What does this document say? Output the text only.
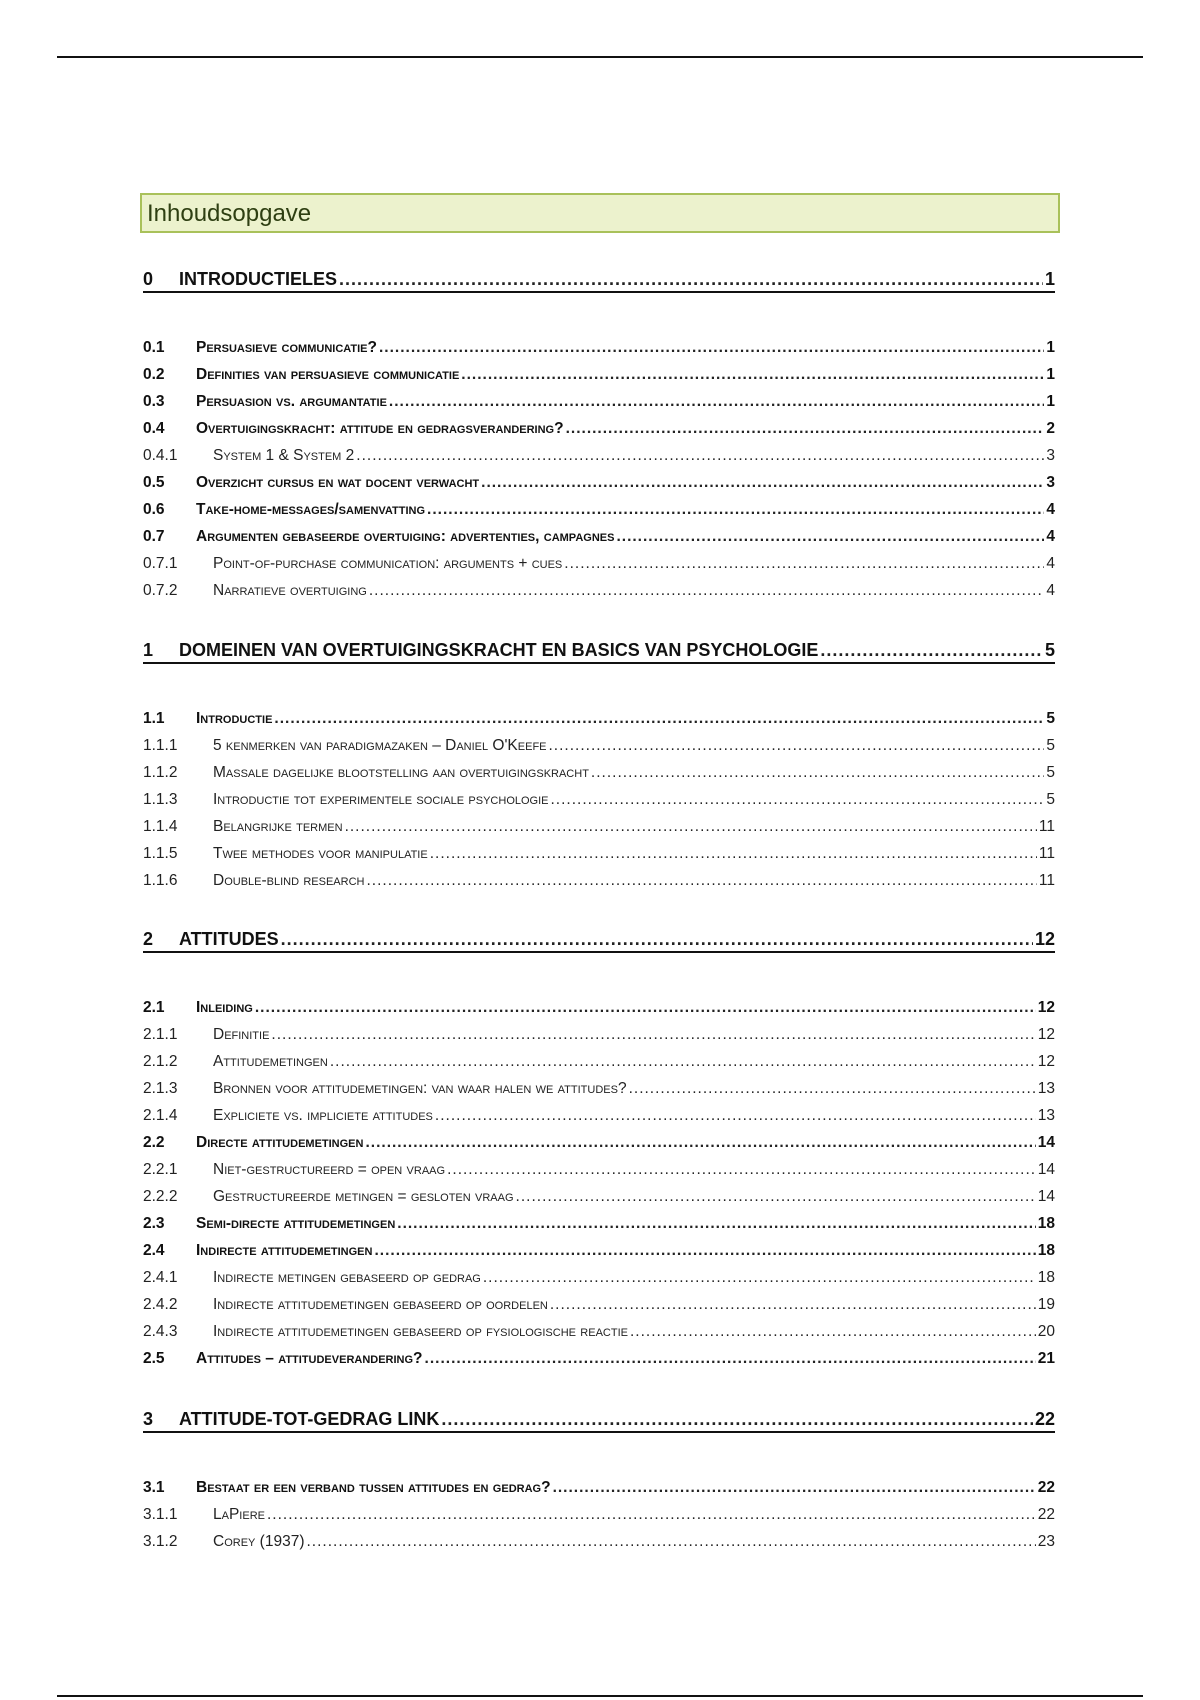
Inhoudsopgave
0	INTRODUCTIELES .....	1
0.1	Persuasieve communicatie? .....	1
0.2	Definities van persuasieve communicatie .....	1
0.3	Persuasion vs. argumantatie .....	1
0.4	Overtuigingskracht: attitude en gedragsverandering? .....	2
0.4.1	System 1 & System 2 .....	3
0.5	Overzicht cursus en wat docent verwacht .....	3
0.6	Take-home-messages/samenvatting .....	4
0.7	Argumenten gebaseerde overtuiging: advertenties, campagnes .....	4
0.7.1	Point-of-purchase communication: arguments + cues .....	4
0.7.2	Narratieve overtuiging .....	4
1	DOMEINEN VAN OVERTUIGINGSKRACHT EN BASICS VAN PSYCHOLOGIE .....	5
1.1	Introductie .....	5
1.1.1	5 kenmerken van paradigmazaken – Daniel O'Keefe .....	5
1.1.2	Massale dagelijke blootstelling aan overtuigingskracht .....	5
1.1.3	Introductie tot experimentele sociale psychologie .....	5
1.1.4	Belangrijke termen .....	11
1.1.5	Twee methodes voor manipulatie .....	11
1.1.6	Double-blind research .....	11
2	ATTITUDES .....	12
2.1	Inleiding .....	12
2.1.1	Definitie .....	12
2.1.2	Attitudemetingen .....	12
2.1.3	Bronnen voor attitudemetingen: van waar halen we attitudes? .....	13
2.1.4	Expliciete vs. impliciete attitudes .....	13
2.2	Directe attitudemetingen .....	14
2.2.1	Niet-gestructureerd = open vraag .....	14
2.2.2	Gestructureerde metingen = gesloten vraag .....	14
2.3	Semi-directe attitudemetingen .....	18
2.4	Indirecte attitudemetingen .....	18
2.4.1	Indirecte metingen gebaseerd op gedrag .....	18
2.4.2	Indirecte attitudemetingen gebaseerd op oordelen .....	19
2.4.3	Indirecte attitudemetingen gebaseerd op fysiologische reactie .....	20
2.5	Attitudes – attitudeverandering? .....	21
3	ATTITUDE-TOT-GEDRAG LINK .....	22
3.1	Bestaat er een verband tussen attitudes en gedrag? .....	22
3.1.1	LaPiere .....	22
3.1.2	Corey (1937) .....	23
